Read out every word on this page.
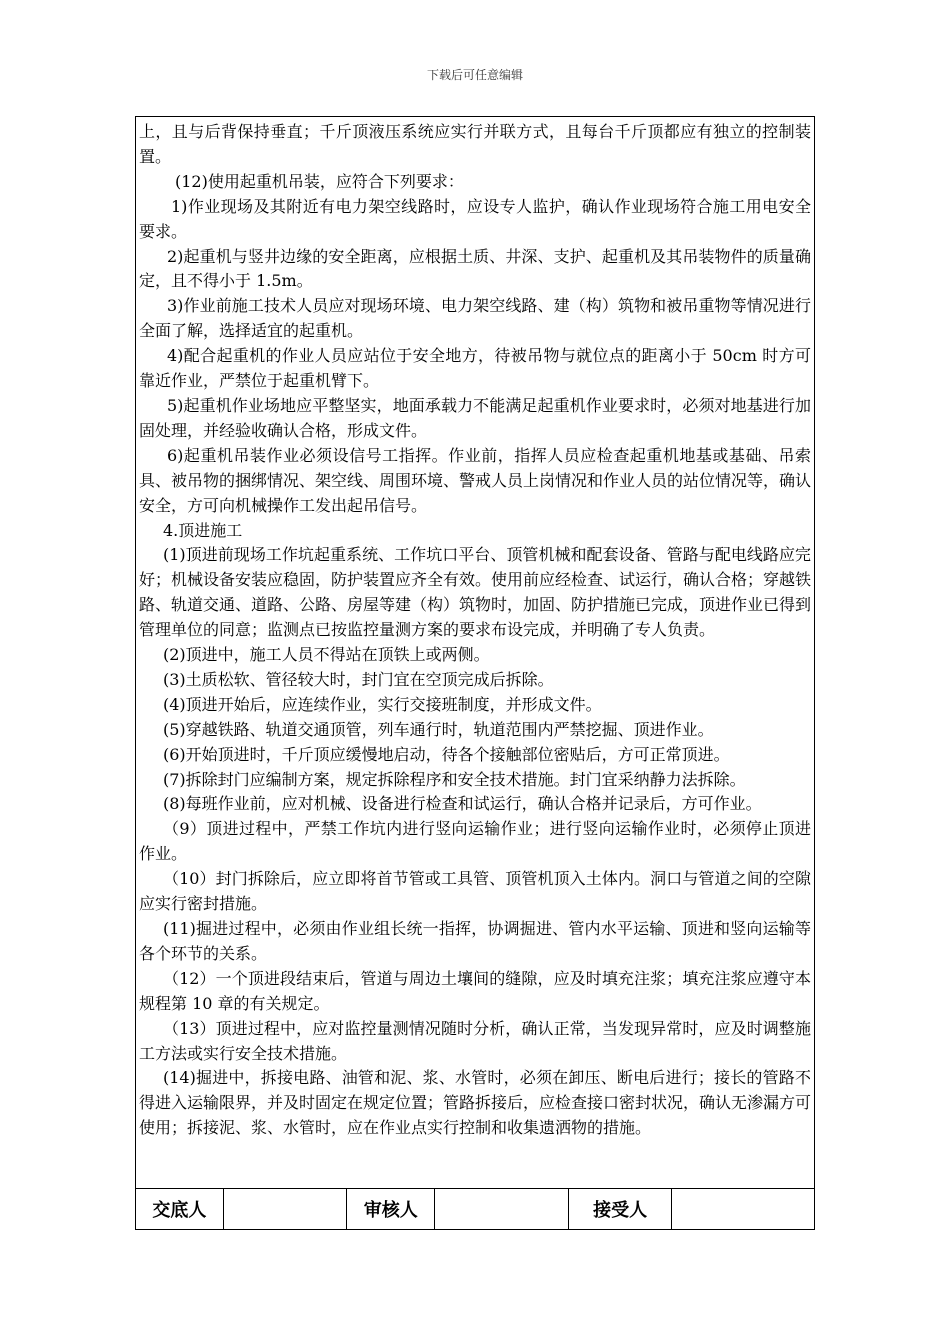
下载后可任意编辑

上，且与后背保持垂直；千斤顶液压系统应实行并联方式，且每台千斤顶都应有独立的控制装置。

(12)使用起重机吊装，应符合下列要求：

1)作业现场及其附近有电力架空线路时，应设专人监护，确认作业现场符合施工用电安全要求。

2)起重机与竖井边缘的安全距离，应根据土质、井深、支护、起重机及其吊装物件的质量确定，且不得小于 1.5m。

3)作业前施工技术人员应对现场环境、电力架空线路、建（构）筑物和被吊重物等情况进行全面了解，选择适宜的起重机。

4)配合起重机的作业人员应站位于安全地方，待被吊物与就位点的距离小于 50cm 时方可靠近作业，严禁位于起重机臂下。

5)起重机作业场地应平整坚实，地面承载力不能满足起重机作业要求时，必须对地基进行加固处理，并经验收确认合格，形成文件。

6)起重机吊装作业必须设信号工指挥。作业前，指挥人员应检查起重机地基或基础、吊索具、被吊物的捆绑情况、架空线、周围环境、警戒人员上岗情况和作业人员的站位情况等，确认安全，方可向机械操作工发出起吊信号。

4.顶进施工

(1)顶进前现场工作坑起重系统、工作坑口平台、顶管机械和配套设备、管路与配电线路应完好；机械设备安装应稳固，防护装置应齐全有效。使用前应经检查、试运行，确认合格；穿越铁路、轨道交通、道路、公路、房屋等建（构）筑物时，加固、防护措施已完成，顶进作业已得到管理单位的同意；监测点已按监控量测方案的要求布设完成，并明确了专人负责。

(2)顶进中，施工人员不得站在顶铁上或两侧。

(3)土质松软、管径较大时，封门宜在空顶完成后拆除。

(4)顶进开始后，应连续作业，实行交接班制度，并形成文件。

(5)穿越铁路、轨道交通顶管，列车通行时，轨道范围内严禁挖掘、顶进作业。

(6)开始顶进时，千斤顶应缓慢地启动，待各个接触部位密贴后，方可正常顶进。

(7)拆除封门应编制方案，规定拆除程序和安全技术措施。封门宜采纳静力法拆除。

(8)每班作业前，应对机械、设备进行检查和试运行，确认合格并记录后，方可作业。

（9）顶进过程中，严禁工作坑内进行竖向运输作业；进行竖向运输作业时，必须停止顶进作业。

（10）封门拆除后，应立即将首节管或工具管、顶管机顶入土体内。洞口与管道之间的空隙应实行密封措施。

(11)掘进过程中，必须由作业组长统一指挥，协调掘进、管内水平运输、顶进和竖向运输等各个环节的关系。

（12）一个顶进段结束后，管道与周边土壤间的缝隙，应及时填充注浆；填充注浆应遵守本规程第 10 章的有关规定。

（13）顶进过程中，应对监控量测情况随时分析，确认正常，当发现异常时，应及时调整施工方法或实行安全技术措施。

(14)掘进中，拆接电路、油管和泥、浆、水管时，必须在卸压、断电后进行；接长的管路不得进入运输限界，并及时固定在规定位置；管路拆接后，应检查接口密封状况，确认无渗漏方可使用；拆接泥、浆、水管时，应在作业点实行控制和收集遗洒物的措施。

交底人	审核人	接受人
